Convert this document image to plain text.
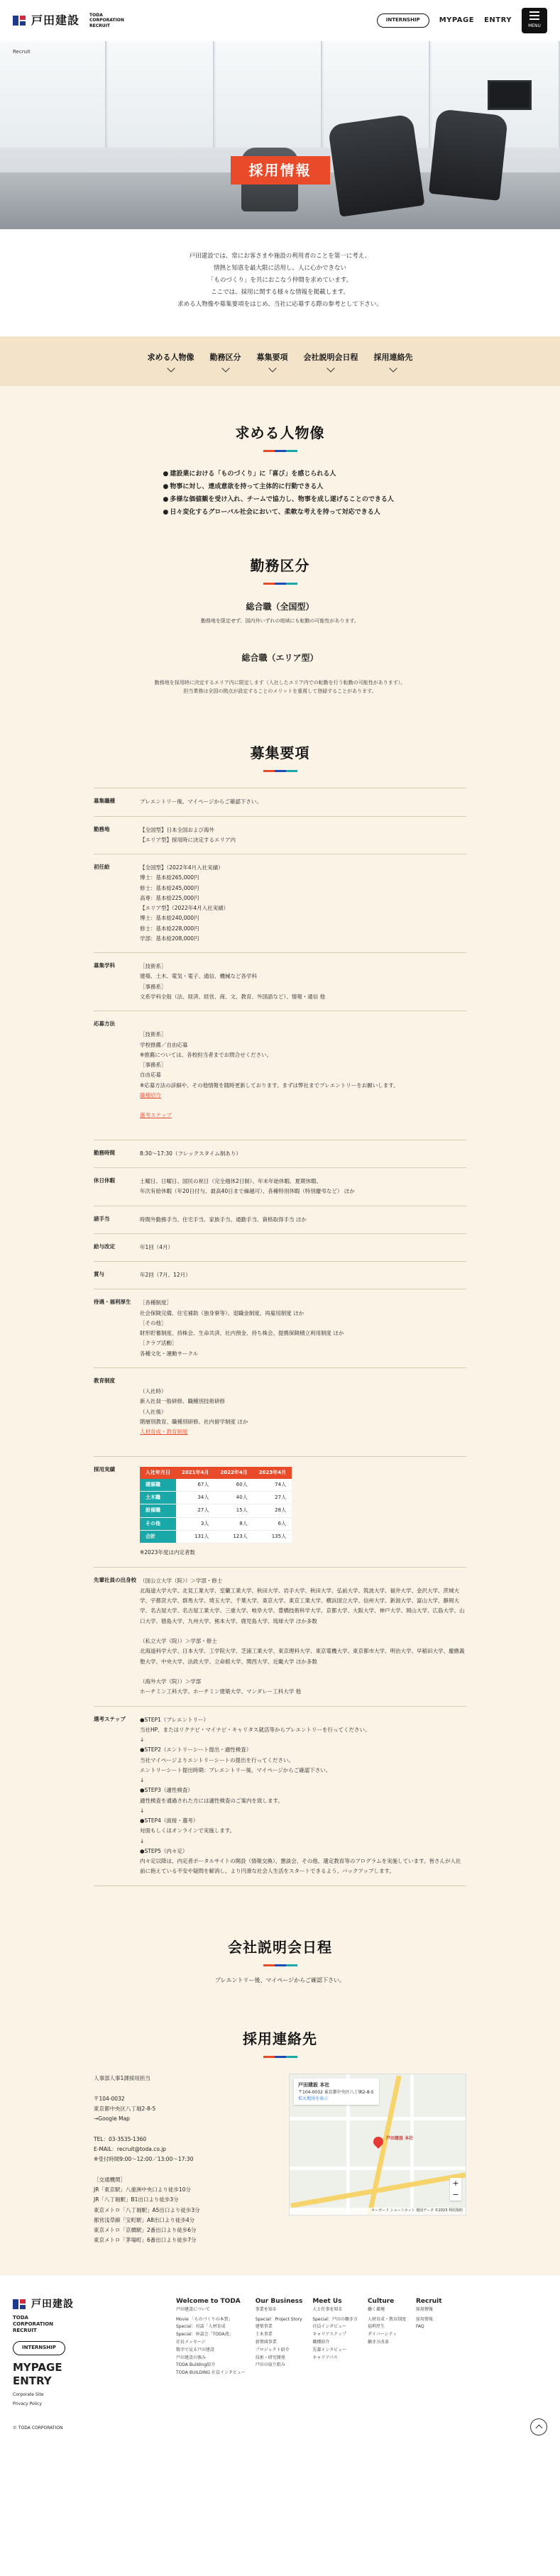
戸田建設 TODA
CORPORATION
RECRUIT
INTERNSHIP	MYPAGE ENTRY
MENU
Recruit
採用情報

戸田建設では、常にお客さまや施設の利用者のことを第一に考え、

情熱と知恵を最大限に活用し、人に心かできない

「ものづくり」を共におこなう仲間を求めています。

ここでは、採用に関する様々な情報を掲載します。

求める人物像や募集要項をはじめ、当社に応募する際の参考として下さい。

求める人物像 勤務区分 募集要項 会社説明会日程 採用連絡先
求める人物像
● 建設業における「ものづくり」に「喜び」を感じられる人
● 物事に対し、達成意欲を持って主体的に行動できる人
● 多様な価値観を受け入れ、チームで協力し、物事を成し遂げることのできる人
● 日々変化するグローバル社会において、柔軟な考えを持って対応できる人
勤務区分
総合職（全国型）

勤務地を限定せず、国内外いずれの地域にも転勤の可能性があります。

総合職（エリア型）

勤務地を採用時に決定するエリア内に限定します（入社したエリア内での転勤を行う転勤の可能性があります）。
担当業務は全国の拠点が設定することのメリットを重視して登録することがあります。

募集要項
募集職種	プレエントリー後、マイページからご確認下さい。
勤務地	【全国型】日本全国および海外
【エリア型】採用時に決定するエリア内
初任給	【全国型】（2022年4月入社実績）
博士：基本給265,000円
修士：基本給245,000円
高専：基本給225,000円
【エリア型】（2022年4月入社実績）
博士：基本給240,000円
修士：基本給228,000円
学部：基本給208,000円
募集学科	［技術系］
建築、土木、電気・電子、通信、機械など各学科
［事務系］
文系学科全般（法、経済、経営、商、文、教育、外国語など）、情報・通信 他
応募方法

［技術系］
学校推薦／自由応募
※推薦については、各校担当者までお問合せください。
［事務系］
自由応募
※応募方法の詳細や、その他情報を随時更新しております。まずは弊社までプレエントリーをお願いします。

職種紹介

選考ステップ

勤務時間	8:30～17:30（フレックスタイム制あり）
休日休暇	土曜日、日曜日、国民の祝日（完全週休2日制）、年末年始休暇、夏期休暇、
年次有給休暇（年20日付与、最高40日まで繰越可）、各種特別休暇（特別慶弔など） ほか
諸手当	時間外勤務手当、住宅手当、家族手当、通勤手当、資格取得手当 ほか
給与改定	年1回（4月）
賞与	年2回（7月、12月）
待遇・福利厚生	［各種制度］
社会保険完備、住宅補助（独身寮等）、退職金制度、再雇用制度 ほか
［その他］
財形貯蓄制度、持株会、生命共済、社内預金、持ち株会、提携保険積立利用制度 ほか
［クラブ活動］
各種文化・運動サークル
教育制度

（入社時）
新入社員一般研修、職種別技術研修
（入社後）
階層別教育、職種別研修、社内留学制度 ほか

人材育成・教育制度

採用実績	入社年月日	2021年4月	2022年4月	2023年4月
建築職	67人	60人	74人
土木職	34人	40人	27人
設備職	27人	15人	28人
その他	3人	8人	6人
合計	131人	123人	135人
※2023年度は内定者数
先輩社員の出身校 （国公立大学（院））＞学部・修士
北海道大学大学、北見工業大学、室蘭工業大学、秋田大学、岩手大学、秋田大学、弘前大学、筑波大学、福井大学、金沢大学、茨城大学、宇都宮大学、群馬大学、埼玉大学、千葉大学、東京大学、東京工業大学、横浜国立大学、信州大学、新潟大学、富山大学、静岡大学、名古屋大学、名古屋工業大学、三重大学、岐阜大学、豊橋技術科学大学、京都大学、大阪大学、神戸大学、岡山大学、広島大学、山口大学、徳島大学、九州大学、熊本大学、鹿児島大学、琉球大学 ほか多数

（私立大学（院））＞学部・修士
北海道科学大学、日本大学、工学院大学、芝浦工業大学、東京理科大学、東京電機大学、東京都市大学、明治大学、早稲田大学、慶應義塾大学、中央大学、法政大学、立命館大学、関西大学、近畿大学 ほか多数

（海外大学（院））＞学部
ホーチミン工科大学、ホーチミン建築大学、マンダレー工科大学 他
選考ステップ	●STEP1（プレエントリー）
当社HP、またはリクナビ・マイナビ・キャリタス就活等からプレエントリーを行ってください。
↓
●STEP2（エントリーシート提出・適性検査）
当社マイページよりエントリーシートの提出を行ってください。
エントリーシート提出時期：プレエントリー後、マイページからご確認下さい。
↓
●STEP3（適性検査）
適性検査を通過された方には適性検査のご案内を致します。
↓
●STEP4（面接・選考）
対面もしくはオンラインで実施します。
↓
●STEP5（内々定）
内々定以降は、内定者ポータルサイトの開設（情報交換）、懇談会、その他、選定教育等のプログラムを実施しています。皆さんが入社前に抱えている不安や疑問を解消し、より円滑な社会人生活をスタートできるよう、バックアップします。
会社説明会日程

プレエントリー後、マイページからご確認下さい。

採用連絡先
人事部人事1課採用担当

〒104-0032
東京都中央区八丁堀2-8-5
→Google Map

TEL：03-3535-1360
E-MAIL：recruit@toda.co.jp
※受付時間9:00～12:00／13:00～17:30

［交通機関］
JR「東京駅」八重洲中央口より徒歩10分
JR「八丁堀駅」B1出口より徒歩3分
東京メトロ「八丁堀駅」A5出口より徒歩3分
都営浅草線「宝町駅」A8出口より徒歩4分
東京メトロ「京橋駅」2番出口より徒歩6分
東京メトロ「茅場町」6番出口より徒歩7分
戸田建設 本社
戸田建設 本社
〒104-0032 東京都中央区八丁堀2-8-5
拡大地図を表示
+
−
キーボード ショートカット 地図データ ©2023 利用規約
戸田建設
TODA
CORPORATION
RECRUIT
INTERNSHIP
MYPAGE
ENTRY
Corporate Site
Privacy Policy
Welcome to TODA
戸田建設について
Movie 「ものづくりの本質」
Special：対談「人材育成
Special：座談会「TODA流」
社長メッセージ
数字で見る戸田建設
戸田建設の強み
TODA Building紹介
TODA BUILDING 社員インタビュー
Our Business
事業を知る
Special：Project Story
建築事業
土木事業
新領域事業
プロジェクト紹介
技術・研究開発
戸田の取り組み
Meet Us
人と仕事を知る
Special：戸田の働き方
社員インタビュー
キャリアステップ
職種紹介
先輩インタビュー
キャリアパス
Culture
働く環境
人材育成・教育制度
福利厚生
ダイバーシティ
働き方改革
Recruit
採用情報
採用情報
FAQ
© TODA CORPORATION
